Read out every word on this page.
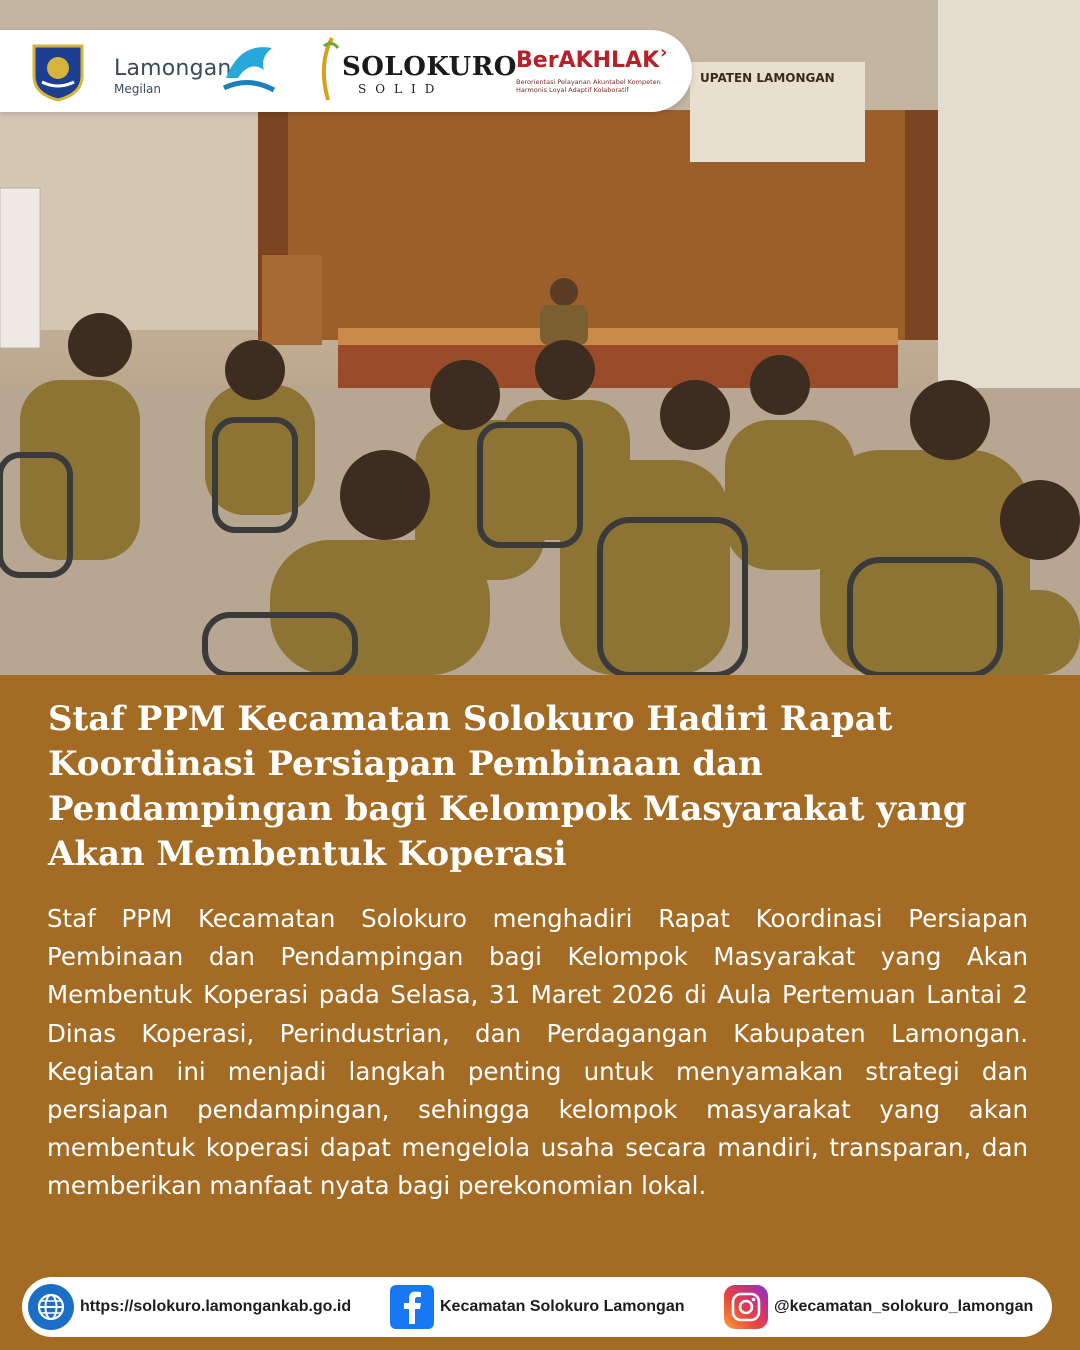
UPATEN LAMONGAN
Lamongan
Megilan
SOLOKURO
SOLID
BerAKHLAK ›
Berorientasi Pelayanan Akuntabel Kompeten Harmonis Loyal Adaptif Kolaboratif
Staf PPM Kecamatan Solokuro Hadiri Rapat Koordinasi Persiapan Pembinaan dan Pendampingan bagi Kelompok Masyarakat yang Akan Membentuk Koperasi

Staf PPM Kecamatan Solokuro menghadiri Rapat Koordinasi Persiapan Pembinaan dan Pendampingan bagi Kelompok Masyarakat yang Akan Membentuk Koperasi pada Selasa, 31 Maret 2026 di Aula Pertemuan Lantai 2 Dinas Koperasi, Perindustrian, dan Perdagangan Kabupaten Lamongan. Kegiatan ini menjadi langkah penting untuk menyamakan strategi dan persiapan pendampingan, sehingga kelompok masyarakat yang akan membentuk koperasi dapat mengelola usaha secara mandiri, transparan, dan memberikan manfaat nyata bagi perekonomian lokal.

https://solokuro.lamongankab.go.id	Kecamatan Solokuro Lamongan	@kecamatan_solokuro_lamongan
